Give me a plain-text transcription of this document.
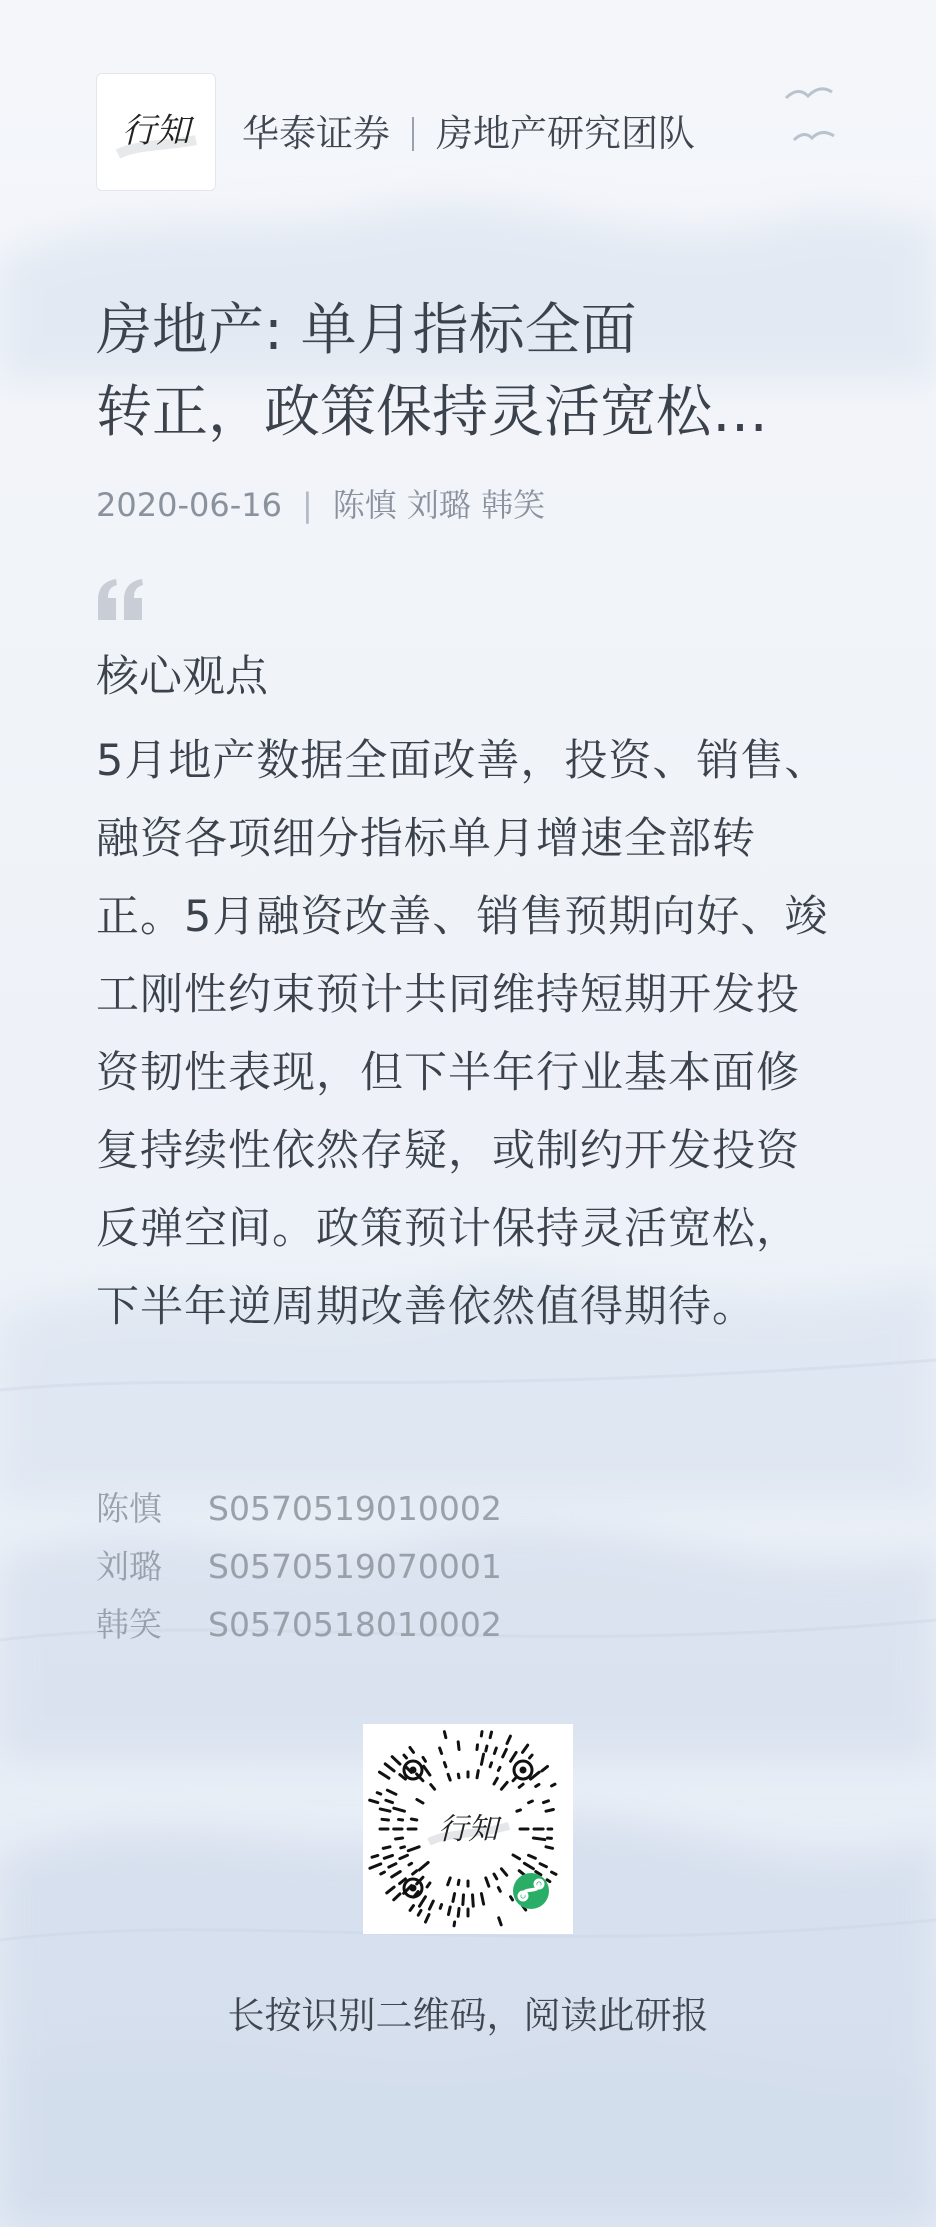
行知 华泰证券 房地产研究团队
房地产: 单月指标全面
转正，政策保持灵活宽松…
2020-06-16 | 陈慎 刘璐 韩笑
核心观点
5月地产数据全面改善，投资、销售、融资各项细分指标单月增速全部转正。5月融资改善、销售预期向好、竣工刚性约束预计共同维持短期开发投资韧性表现，但下半年行业基本面修复持续性依然存疑，或制约开发投资反弹空间。政策预计保持灵活宽松，下半年逆周期改善依然值得期待。
陈慎	S0570519010002
刘璐	S0570519070001
韩笑	S0570518010002
行知
长按识别二维码，阅读此研报
